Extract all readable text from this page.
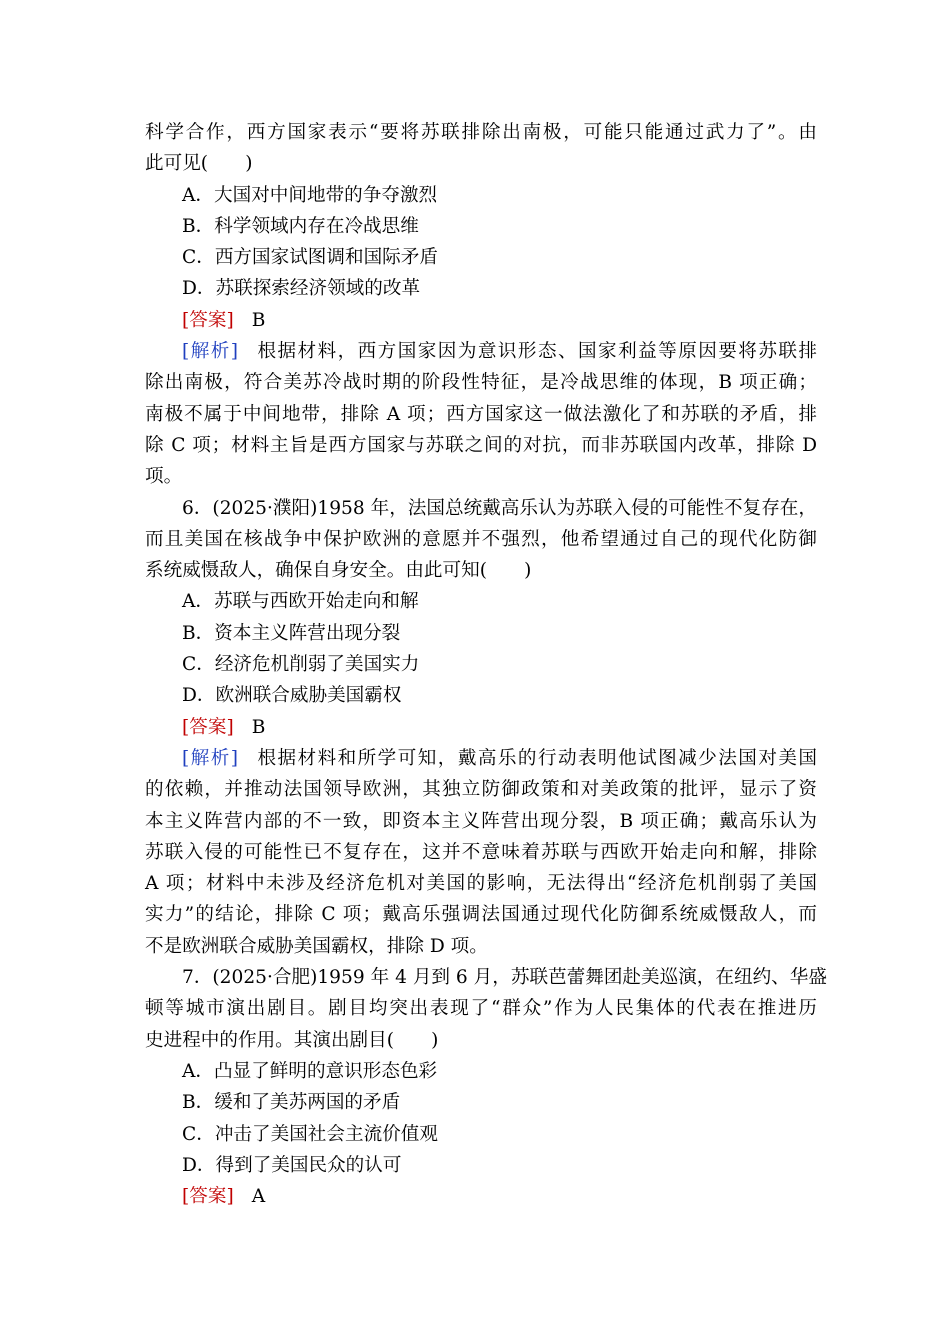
科学合作，西方国家表示“要将苏联排除出南极，可能只能通过武力了”。由
此可见(　　)
A．大国对中间地带的争夺激烈
B．科学领域内存在冷战思维
C．西方国家试图调和国际矛盾
D．苏联探索经济领域的改革
[答案] B
[解析] 根据材料，西方国家因为意识形态、国家利益等原因要将苏联排
除出南极，符合美苏冷战时期的阶段性特征，是冷战思维的体现，B 项正确；
南极不属于中间地带，排除 A 项；西方国家这一做法激化了和苏联的矛盾，排
除 C 项；材料主旨是西方国家与苏联之间的对抗，而非苏联国内改革，排除 D
项。
6．(2025·濮阳)1958 年，法国总统戴高乐认为苏联入侵的可能性不复存在，
而且美国在核战争中保护欧洲的意愿并不强烈，他希望通过自己的现代化防御
系统威慑敌人，确保自身安全。由此可知(　　)
A．苏联与西欧开始走向和解
B．资本主义阵营出现分裂
C．经济危机削弱了美国实力
D．欧洲联合威胁美国霸权
[答案] B
[解析] 根据材料和所学可知，戴高乐的行动表明他试图减少法国对美国
的依赖，并推动法国领导欧洲，其独立防御政策和对美政策的批评，显示了资
本主义阵营内部的不一致，即资本主义阵营出现分裂，B 项正确；戴高乐认为
苏联入侵的可能性已不复存在，这并不意味着苏联与西欧开始走向和解，排除
A 项；材料中未涉及经济危机对美国的影响，无法得出“经济危机削弱了美国
实力”的结论，排除 C 项；戴高乐强调法国通过现代化防御系统威慑敌人，而
不是欧洲联合威胁美国霸权，排除 D 项。
7．(2025·合肥)1959 年 4 月到 6 月，苏联芭蕾舞团赴美巡演，在纽约、华盛
顿等城市演出剧目。剧目均突出表现了“群众”作为人民集体的代表在推进历
史进程中的作用。其演出剧目(　　)
A．凸显了鲜明的意识形态色彩
B．缓和了美苏两国的矛盾
C．冲击了美国社会主流价值观
D．得到了美国民众的认可
[答案] A
